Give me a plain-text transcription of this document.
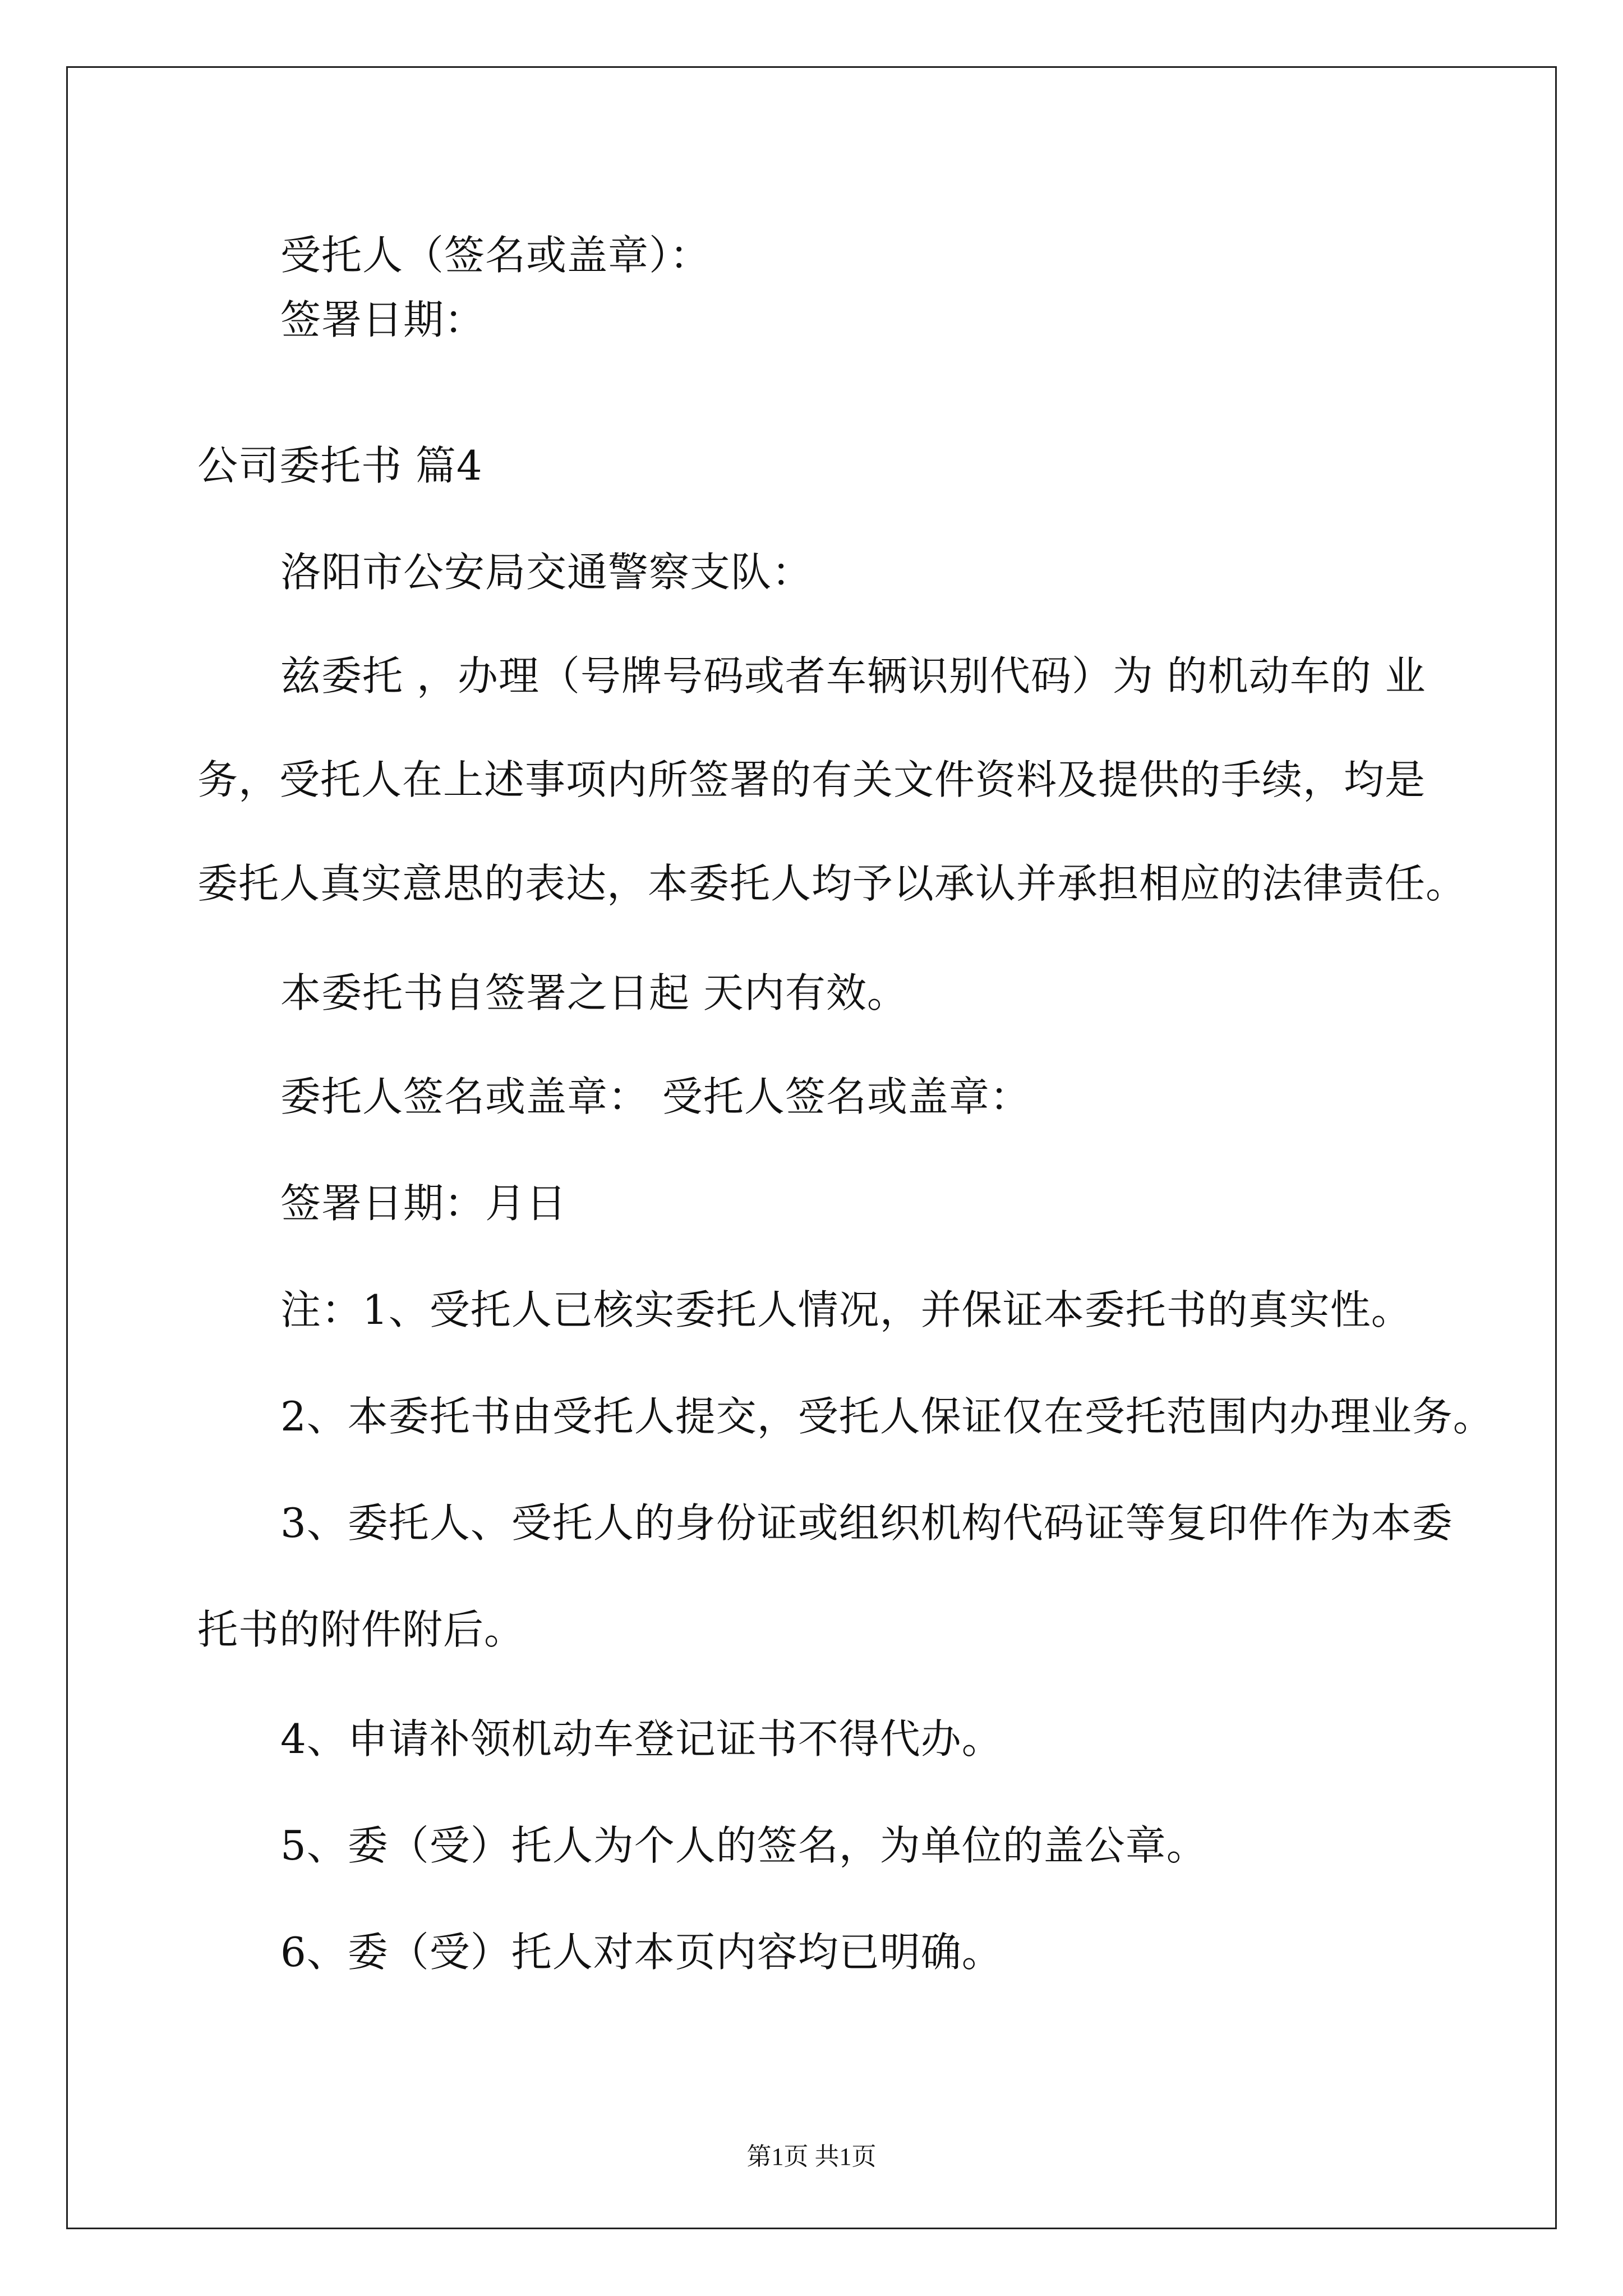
受托人（签名或盖章）：
签署日期：
公司委托书 篇4
洛阳市公安局交通警察支队：
兹委托 ，办理（号牌号码或者车辆识别代码）为 的机动车的 业
务，受托人在上述事项内所签署的有关文件资料及提供的手续，均是
委托人真实意思的表达，本委托人均予以承认并承担相应的法律责任。
本委托书自签署之日起 天内有效。
委托人签名或盖章： 受托人签名或盖章：
签署日期：月日
注：1、受托人已核实委托人情况，并保证本委托书的真实性。
2、本委托书由受托人提交，受托人保证仅在受托范围内办理业务。
3、委托人、受托人的身份证或组织机构代码证等复印件作为本委
托书的附件附后。
4、申请补领机动车登记证书不得代办。
5、委（受）托人为个人的签名，为单位的盖公章。
6、委（受）托人对本页内容均已明确。
第1页 共1页
